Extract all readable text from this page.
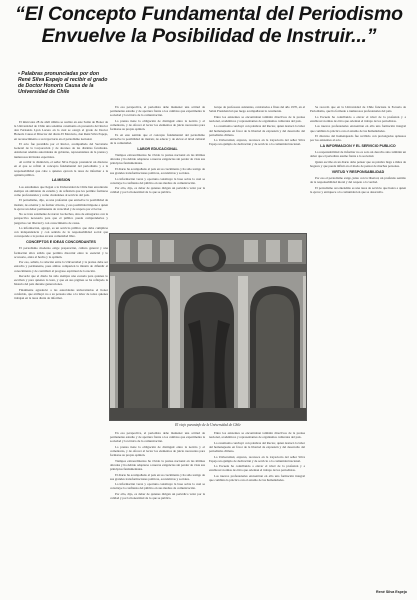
“El Concepto Fundamental del Periodismo
Envuelve la Posibilidad de Instruir...”
• Palabras pronunciadas por don René Silva Espejo al recibir el grado de Doctor Honoris Causa de la Universidad de Chile

El miércoles 28 de abril último se realizó en este Salón de Honor de la Universidad de Chile una solemne ceremonia en presencia del Rector don Fernando Lyon Lucero en la cual se otorgó el grado de Doctor Honoris Causa al Director del diario El Mercurio, don René Silva Espejo, en reconocimiento a su trayectoria en el periodismo nacional.

El acto fue presidido por el Rector, acompañado del Secretario General de la Corporación y de decanos de las distintas facultades. Asistieron además autoridades de gobierno, representantes de la prensa y numerosos invitados especiales.

Al recibir la distinción, el señor Silva Espejo pronunció un discurso en el que se refirió al concepto fundamental del periodismo y a la responsabilidad que cabe a quienes ejercen la tarea de informar a la opinión pública.

LA MISION

Los estudiantes que llegan a la Universidad de Chile han encontrado siempre un ambiente de estudio y de reflexión que les permite formarse como profesionales y como ciudadanos al servicio del país.

El periodismo, dijo, es una profesión que envuelve la posibilidad de instruir, de orientar y de formar criterio, y esa posibilidad impone a quien la ejerce un deber permanente de veracidad y de respeto por el lector.

No se trata solamente de narrar los hechos, sino de entregarlos con la perspectiva necesaria para que el público pueda comprenderlos y juzgarlos con libertad y con conocimiento de causa.

La información, agregó, es un servicio público que debe cumplirse con independencia y con sentido de la responsabilidad social que corresponde a la prensa en una comunidad libre.

CONCEPTOS E IDEAS CONCORDANTES

El periodismo moderno exige preparación, cultura general y una formación ética sólida que permita discernir entre lo esencial y lo accesorio, entre el hecho y la opinión.

Por eso, señaló, la relación entre la Universidad y la prensa debe ser estrecha y permanente, pues ambas comparten la misión de difundir el conocimiento y de contribuir al progreso espiritual de la nación.

Recordó que el diario ha sido siempre una escuela para quienes lo escriben y para quienes lo leen, y que en sus páginas se ha reflejado la historia del país durante generaciones.

Finalmente agradeció a las autoridades universitarias el honor conferido, que atribuyó no a su persona sino a la labor de todos quienes trabajan en la tarea diaria de informar.

En esa perspectiva, el periodista debe mantener una actitud de permanente estudio y de apertura frente a los cambios que experimenta la sociedad y la técnica de la comunicación.

La prensa tiene la obligación de distinguir entre la noticia y el comentario, y de ofrecer al lector los elementos de juicio necesarios para formarse su propia opinión.

Es en este sentido que el concepto fundamental del periodismo envuelve la posibilidad de instruir, de educar y de elevar el nivel cultural de la comunidad.

LABOR EDUCACIONAL

Tiempos extraordinarios ha vivido la prensa nacional en las últimas décadas y ha debido adaptarse a nuevas exigencias sin perder de vista sus principios fundamentales.

El diario ha acompañado al país en su crecimiento y ha sido testigo de sus grandes transformaciones políticas, económicas y sociales.

La información veraz y oportuna constituye la base sobre la cual se construye la confianza del público en sus medios de comunicación.

Por ello, dijo, es deber de quienes dirigen un periódico velar por la calidad y por la honestidad de lo que se publica.

Grupo de profesores asistentes, contratados a fines del año 1970, en el Salón Presidencial que luego acompañaron la ceremonia.

Entre los asistentes se encontraban también directivos de la prensa nacional, académicos y representantes de organismos culturales del país.

La ceremonia concluyó con palabras del Rector, quien destacó la labor del homenajeado en favor de la libertad de expresión y del desarrollo del periodismo chileno.

La Universidad, expresó, reconoce en la trayectoria del señor Silva Espejo un ejemplo de dedicación y de servicio a la comunidad nacional.

Se recordó que en la Universidad de Chile funciona la Escuela de Periodismo, que ha formado a numerosos profesionales del país.

La Escuela ha contribuido a elevar el nivel de la profesión y a establecer normas de ética que orientan el trabajo de los periodistas.

Los nuevos profesionales encuentran en ella una formación integral que combina la práctica con el estudio de las humanidades.

El discurso del homenajeado fue recibido con prolongados aplausos por los asistentes al acto.

LA INFORMACION Y EL SERVICIO PUBLICO

La responsabilidad de informar no es solo un derecho sino también un deber que el periodista asume frente a la sociedad.

Quien escribe en un diario debe pensar que su palabra llega a miles de hogares y que puede influir en el modo de pensar de muchas personas.

VIRTUD Y RESPONSABILIDAD

Por eso el periodismo exige, junto con la libertad, un profundo sentido de la responsabilidad moral y del respeto a la verdad.

El periodismo así entendido es una tarea de servicio que honra a quien la ejerce y enriquece a la comunidad en que se desarrolla.

El viejo paraninfo de la Universidad de Chile

En esa perspectiva, el periodista debe mantener una actitud de permanente estudio y de apertura frente a los cambios que experimenta la sociedad y la técnica de la comunicación.

La prensa tiene la obligación de distinguir entre la noticia y el comentario, y de ofrecer al lector los elementos de juicio necesarios para formarse su propia opinión.

Tiempos extraordinarios ha vivido la prensa nacional en las últimas décadas y ha debido adaptarse a nuevas exigencias sin perder de vista sus principios fundamentales.

El diario ha acompañado al país en su crecimiento y ha sido testigo de sus grandes transformaciones políticas, económicas y sociales.

La información veraz y oportuna constituye la base sobre la cual se construye la confianza del público en sus medios de comunicación.

Por ello, dijo, es deber de quienes dirigen un periódico velar por la calidad y por la honestidad de lo que se publica.

Entre los asistentes se encontraban también directivos de la prensa nacional, académicos y representantes de organismos culturales del país.

La ceremonia concluyó con palabras del Rector, quien destacó la labor del homenajeado en favor de la libertad de expresión y del desarrollo del periodismo chileno.

La Universidad, expresó, reconoce en la trayectoria del señor Silva Espejo un ejemplo de dedicación y de servicio a la comunidad nacional.

La Escuela ha contribuido a elevar el nivel de la profesión y a establecer normas de ética que orientan el trabajo de los periodistas.

Los nuevos profesionales encuentran en ella una formación integral que combina la práctica con el estudio de las humanidades.

René Silva Espejo
